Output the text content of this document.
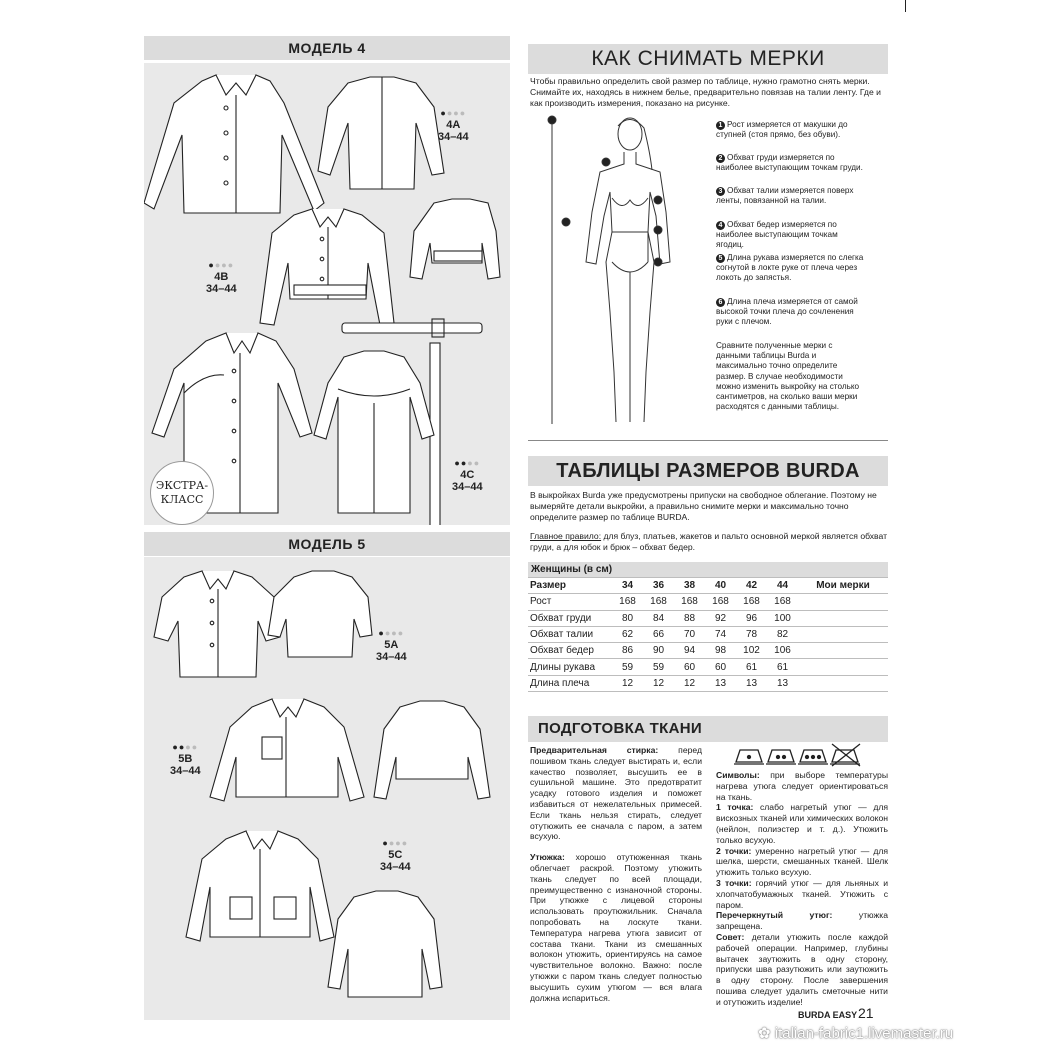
МОДЕЛЬ 4
●●●●
4A
34–44
●●●●
4B
34–44
●●●●
4C
34–44
ЭКСТРА-КЛАСС
МОДЕЛЬ 5
●●●●
5A
34–44
●●●●
5B
34–44
●●●●
5C
34–44
КАК СНИМАТЬ МЕРКИ
Чтобы правильно определить свой размер по таблице, нужно грамотно снять мерки. Снимайте их, находясь в нижнем белье, предварительно повязав на талии ленту. Где и как производить измерения, показано на рисунке.
1 Рост измеряется от макушки до ступней (стоя прямо, без обуви).
2 Обхват груди измеряется по наиболее выступающим точкам груди.
3 Обхват талии измеряется поверх ленты, повязанной на талии.
4 Обхват бедер измеряется по наиболее выступающим точкам ягодиц.
5 Длина рукава измеряется по слегка согнутой в локте руке от плеча через локоть до запястья.
6 Длина плеча измеряется от самой высокой точки плеча до сочленения руки с плечом.
Сравните полученные мерки с данными таблицы Burda и максимально точно определите размер. В случае необходимости можно изменить выкройку на столько сантиметров, на сколько ваши мерки расходятся с данными таблицы.
ТАБЛИЦЫ РАЗМЕРОВ BURDA
В выкройках Burda уже предусмотрены припуски на свободное облегание. Поэтому не вымеряйте детали выкройки, а правильно снимите мерки и максимально точно определите размер по таблице BURDA.
Главное правило: для блуз, платьев, жакетов и пальто основной меркой является обхват груди, а для юбок и брюк – обхват бедер.
Женщины (в см)							
Размер	34	36	38	40	42	44	Мои мерки
Рост	168	168	168	168	168	168	
Обхват груди	80	84	88	92	96	100	
Обхват талии	62	66	70	74	78	82	
Обхват бедер	86	90	94	98	102	106	
Длины рукава	59	59	60	60	61	61	
Длина плеча	12	12	12	13	13	13	
ПОДГОТОВКА ТКАНИ
Предварительная стирка: перед пошивом ткань следует выстирать и, если качество позволяет, высушить ее в сушильной машине. Это предотвратит усадку готового изделия и поможет избавиться от нежелательных примесей. Если ткань нельзя стирать, следует отутюжить ее сначала с паром, а затем всухую.
Утюжка: хорошо отутюженная ткань облегчает раскрой. Поэтому утюжить ткань следует по всей площади, преимущественно с изнаночной стороны. При утюжке с лицевой стороны использовать проутюжильник. Сначала попробовать на лоскуте ткани. Температура нагрева утюга зависит от состава ткани. Ткани из смешанных волокон утюжить, ориентируясь на самое чувствительное волокно. Важно: после утюжки с паром ткань следует полностью высушить сухим утюгом — вся влага должна испариться.
Символы: при выборе температуры нагрева утюга следует ориентироваться на ткань.
1 точка: слабо нагретый утюг — для вискозных тканей или химических волокон (нейлон, полиэстер и т. д.). Утюжить только всухую.
2 точки: умеренно нагретый утюг — для шелка, шерсти, смешанных тканей. Шелк утюжить только всухую.
3 точки: горячий утюг — для льняных и хлопчатобумажных тканей. Утюжить с паром.
Перечеркнутый утюг: утюжка запрещена.
Совет: детали утюжить после каждой рабочей операции. Например, глубины вытачек заутюжить в одну сторону, припуски шва разутюжить или заутюжить в одну сторону. После завершения пошива следует удалить сметочные нити и отутюжить изделие!
BURDA EASY 21
✿ italian-fabric1.livemaster.ru
